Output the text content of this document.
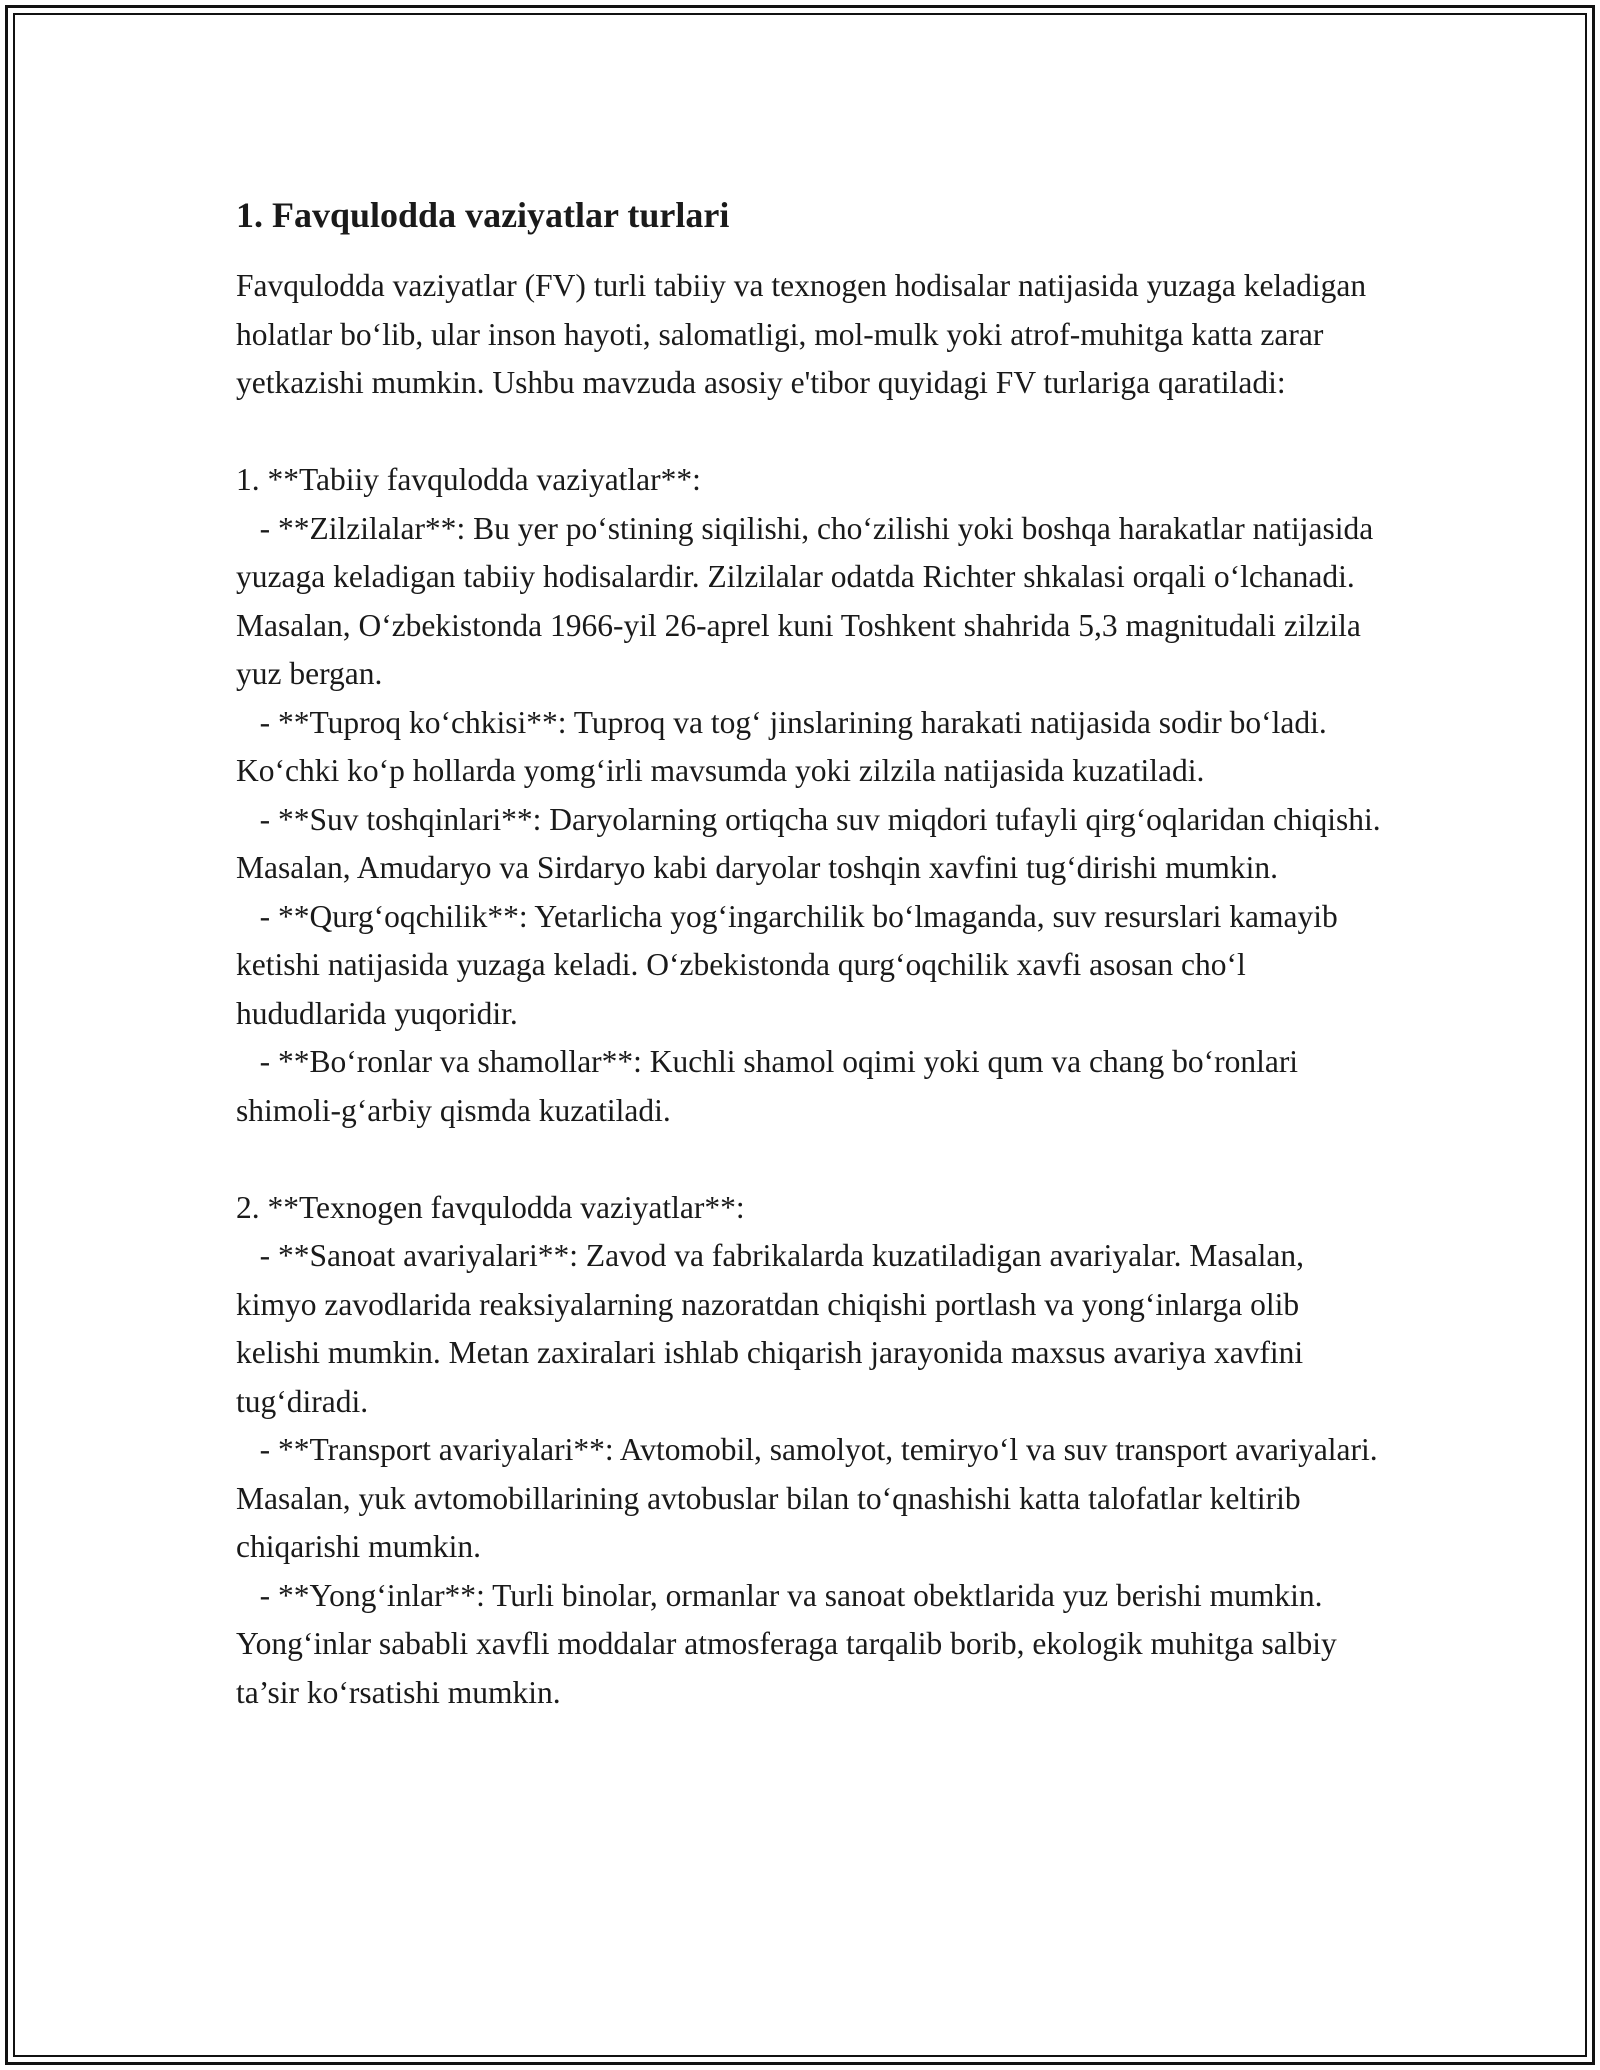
1. Favqulodda vaziyatlar turlari

Favqulodda vaziyatlar (FV) turli tabiiy va texnogen hodisalar natijasida yuzaga keladigan holatlar bo‘lib, ular inson hayoti, salomatligi, mol-mulk yoki atrof-muhitga katta zarar yetkazishi mumkin. Ushbu mavzuda asosiy e'tibor quyidagi FV turlariga qaratiladi:

1. **Tabiiy favqulodda vaziyatlar**:

- **Zilzilalar**: Bu yer po‘stining siqilishi, cho‘zilishi yoki boshqa harakatlar natijasida yuzaga keladigan tabiiy hodisalardir. Zilzilalar odatda Richter shkalasi orqali o‘lchanadi. Masalan, O‘zbekistonda 1966-yil 26-aprel kuni Toshkent shahrida 5,3 magnitudali zilzila yuz bergan.

- **Tuproq ko‘chkisi**: Tuproq va tog‘ jinslarining harakati natijasida sodir bo‘ladi. Ko‘chki ko‘p hollarda yomg‘irli mavsumda yoki zilzila natijasida kuzatiladi.

- **Suv toshqinlari**: Daryolarning ortiqcha suv miqdori tufayli qirg‘oqlaridan chiqishi. Masalan, Amudaryo va Sirdaryo kabi daryolar toshqin xavfini tug‘dirishi mumkin.

- **Qurg‘oqchilik**: Yetarlicha yog‘ingarchilik bo‘lmaganda, suv resurslari kamayib ketishi natijasida yuzaga keladi. O‘zbekistonda qurg‘oqchilik xavfi asosan cho‘l hududlarida yuqoridir.

- **Bo‘ronlar va shamollar**: Kuchli shamol oqimi yoki qum va chang bo‘ronlari shimoli-g‘arbiy qismda kuzatiladi.

2. **Texnogen favqulodda vaziyatlar**:

- **Sanoat avariyalari**: Zavod va fabrikalarda kuzatiladigan avariyalar. Masalan, kimyo zavodlarida reaksiyalarning nazoratdan chiqishi portlash va yong‘inlarga olib kelishi mumkin. Metan zaxiralari ishlab chiqarish jarayonida maxsus avariya xavfini tug‘diradi.

- **Transport avariyalari**: Avtomobil, samolyot, temiryo‘l va suv transport avariyalari. Masalan, yuk avtomobillarining avtobuslar bilan to‘qnashishi katta talofatlar keltirib chiqarishi mumkin.

- **Yong‘inlar**: Turli binolar, ormanlar va sanoat obektlarida yuz berishi mumkin. Yong‘inlar sababli xavfli moddalar atmosferaga tarqalib borib, ekologik muhitga salbiy ta’sir ko‘rsatishi mumkin.
